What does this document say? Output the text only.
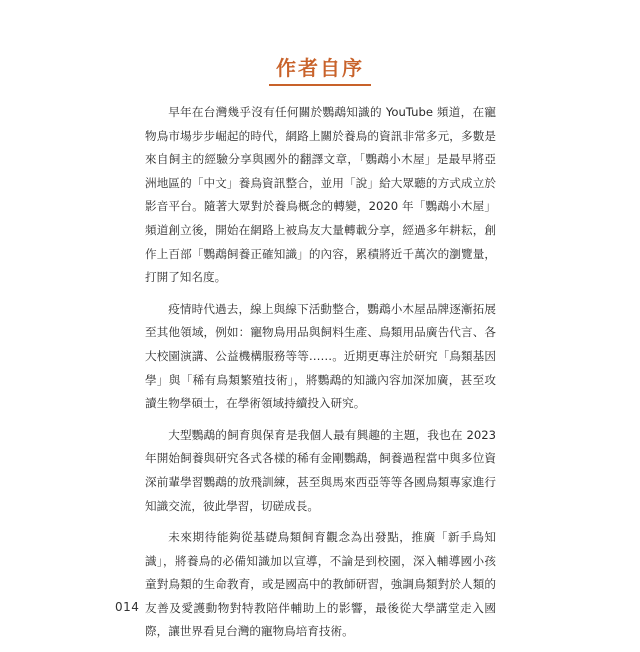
作者自序

早年在台灣幾乎沒有任何關於鸚鵡知識的 YouTube 頻道，在寵物鳥市場步步崛起的時代，網路上關於養鳥的資訊非常多元，多數是來自飼主的經驗分享與國外的翻譯文章，「鸚鵡小木屋」是最早將亞洲地區的「中文」養鳥資訊整合，並用「說」給大眾聽的方式成立於影音平台。隨著大眾對於養鳥概念的轉變，2020 年「鸚鵡小木屋」頻道創立後，開始在網路上被鳥友大量轉載分享，經過多年耕耘，創作上百部「鸚鵡飼養正確知識」的內容，累積將近千萬次的瀏覽量，打開了知名度。

疫情時代過去，線上與線下活動整合，鸚鵡小木屋品牌逐漸拓展至其他領域，例如：寵物鳥用品與飼料生產、鳥類用品廣告代言、各大校園演講、公益機構服務等等……。近期更專注於研究「鳥類基因學」與「稀有鳥類繁殖技術」，將鸚鵡的知識內容加深加廣，甚至攻讀生物學碩士，在學術領域持續投入研究。

大型鸚鵡的飼育與保育是我個人最有興趣的主題，我也在 2023 年開始飼養與研究各式各樣的稀有金剛鸚鵡，飼養過程當中與多位資深前輩學習鸚鵡的放飛訓練，甚至與馬來西亞等等各國鳥類專家進行知識交流，彼此學習，切磋成長。

未來期待能夠從基礎鳥類飼育觀念為出發點，推廣「新手鳥知識」，將養鳥的必備知識加以宣導，不論是到校園，深入輔導國小孩童對鳥類的生命教育，或是國高中的教師研習，強調鳥類對於人類的友善及愛護動物對特教陪伴輔助上的影響，最後從大學講堂走入國際，讓世界看見台灣的寵物鳥培育技術。

014
